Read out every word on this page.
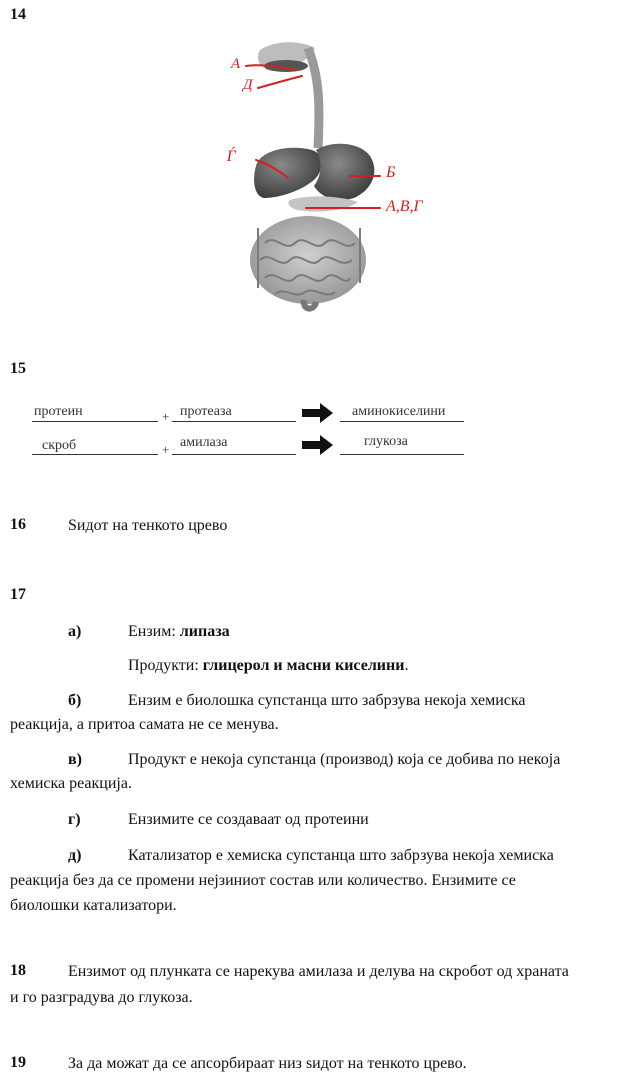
14
А
Д
Ѓ
Б
А,В,Г
15
протеин	+ протеаза	аминокиселини
скроб	+ амилаза	глукоза
16	Ѕидот на тенкото црево
17
а)	Ензим: липаза
Продукти: глицерол и масни киселини.
б)	Ензим е биолошка супстанца што забрзува некоја хемиска
реакција, а притоа самата не се менува.
в)	Продукт е некоја супстанца (производ) која се добива по некоја
хемиска реакција.
г)	Ензимите се создаваат од протеини
д)	Катализатор е хемиска супстанца што забрзува некоја хемиска
реакција без да се промени нејзиниот состав или количество. Ензимите се
биолошки катализатори.
18	Ензимот од плунката се нарекува амилаза и делува на скробот од храната
и го разградува до глукоза.
19	За да можат да се апсорбираат низ ѕидот на тенкото црево.
